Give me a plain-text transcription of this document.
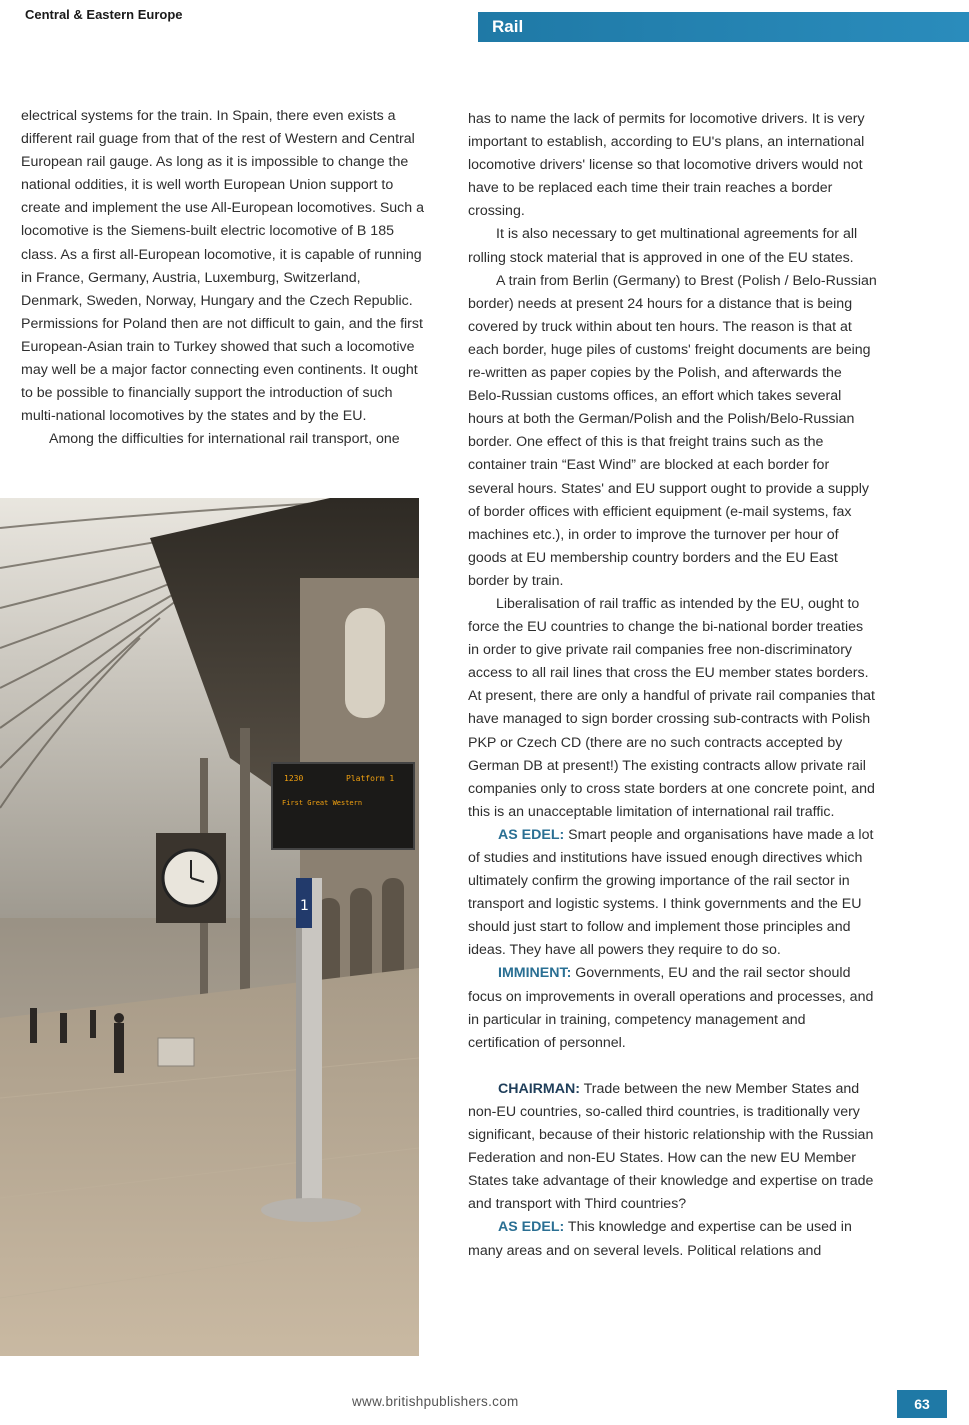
Central & Eastern Europe
Rail

electrical systems for the train. In Spain, there even exists a different rail guage from that of the rest of Western and Central European rail gauge. As long as it is impossible to change the national oddities, it is well worth European Union support to create and implement the use All-European locomotives. Such a locomotive is the Siemens-built electric locomotive of B 185 class. As a first all-European locomotive, it is capable of running in France, Germany, Austria, Luxemburg, Switzerland, Denmark, Sweden, Norway, Hungary and the Czech Republic. Permissions for Poland then are not difficult to gain, and the first European-Asian train to Turkey showed that such a locomotive may well be a major factor connecting even continents. It ought to be possible to financially support the introduction of such multi-national locomotives by the states and by the EU.

Among the difficulties for international rail transport, one

1230	Platform 1
First Great Western
1

has to name the lack of permits for locomotive drivers. It is very important to establish, according to EU's plans, an international locomotive drivers' license so that locomotive drivers would not have to be replaced each time their train reaches a border crossing.

It is also necessary to get multinational agreements for all rolling stock material that is approved in one of the EU states.

A train from Berlin (Germany) to Brest (Polish / Belo-Russian border) needs at present 24 hours for a distance that is being covered by truck within about ten hours. The reason is that at each border, huge piles of customs' freight documents are being re-written as paper copies by the Polish, and afterwards the Belo-Russian customs offices, an effort which takes several hours at both the German/Polish and the Polish/Belo-Russian border. One effect of this is that freight trains such as the container train “East Wind” are blocked at each border for several hours. States' and EU support ought to provide a supply of border offices with efficient equipment (e-mail systems, fax machines etc.), in order to improve the turnover per hour of goods at EU membership country borders and the EU East border by train.

Liberalisation of rail traffic as intended by the EU, ought to force the EU countries to change the bi-national border treaties in order to give private rail companies free non-discriminatory access to all rail lines that cross the EU member states borders. At present, there are only a handful of private rail companies that have managed to sign border crossing sub-contracts with Polish PKP or Czech CD (there are no such contracts accepted by German DB at present!) The existing contracts allow private rail companies only to cross state borders at one concrete point, and this is an unacceptable limitation of international rail traffic.

AS EDEL: Smart people and organisations have made a lot of studies and institutions have issued enough directives which ultimately confirm the growing importance of the rail sector in transport and logistic systems. I think governments and the EU should just start to follow and implement those principles and ideas. They have all powers they require to do so.

IMMINENT: Governments, EU and the rail sector should focus on improvements in overall operations and processes, and in particular in training, competency management and certification of personnel.

CHAIRMAN: Trade between the new Member States and non-EU countries, so-called third countries, is traditionally very significant, because of their historic relationship with the Russian Federation and non-EU States. How can the new EU Member States take advantage of their knowledge and expertise on trade and transport with Third countries?

AS EDEL: This knowledge and expertise can be used in many areas and on several levels. Political relations and

www.britishpublishers.com	63
